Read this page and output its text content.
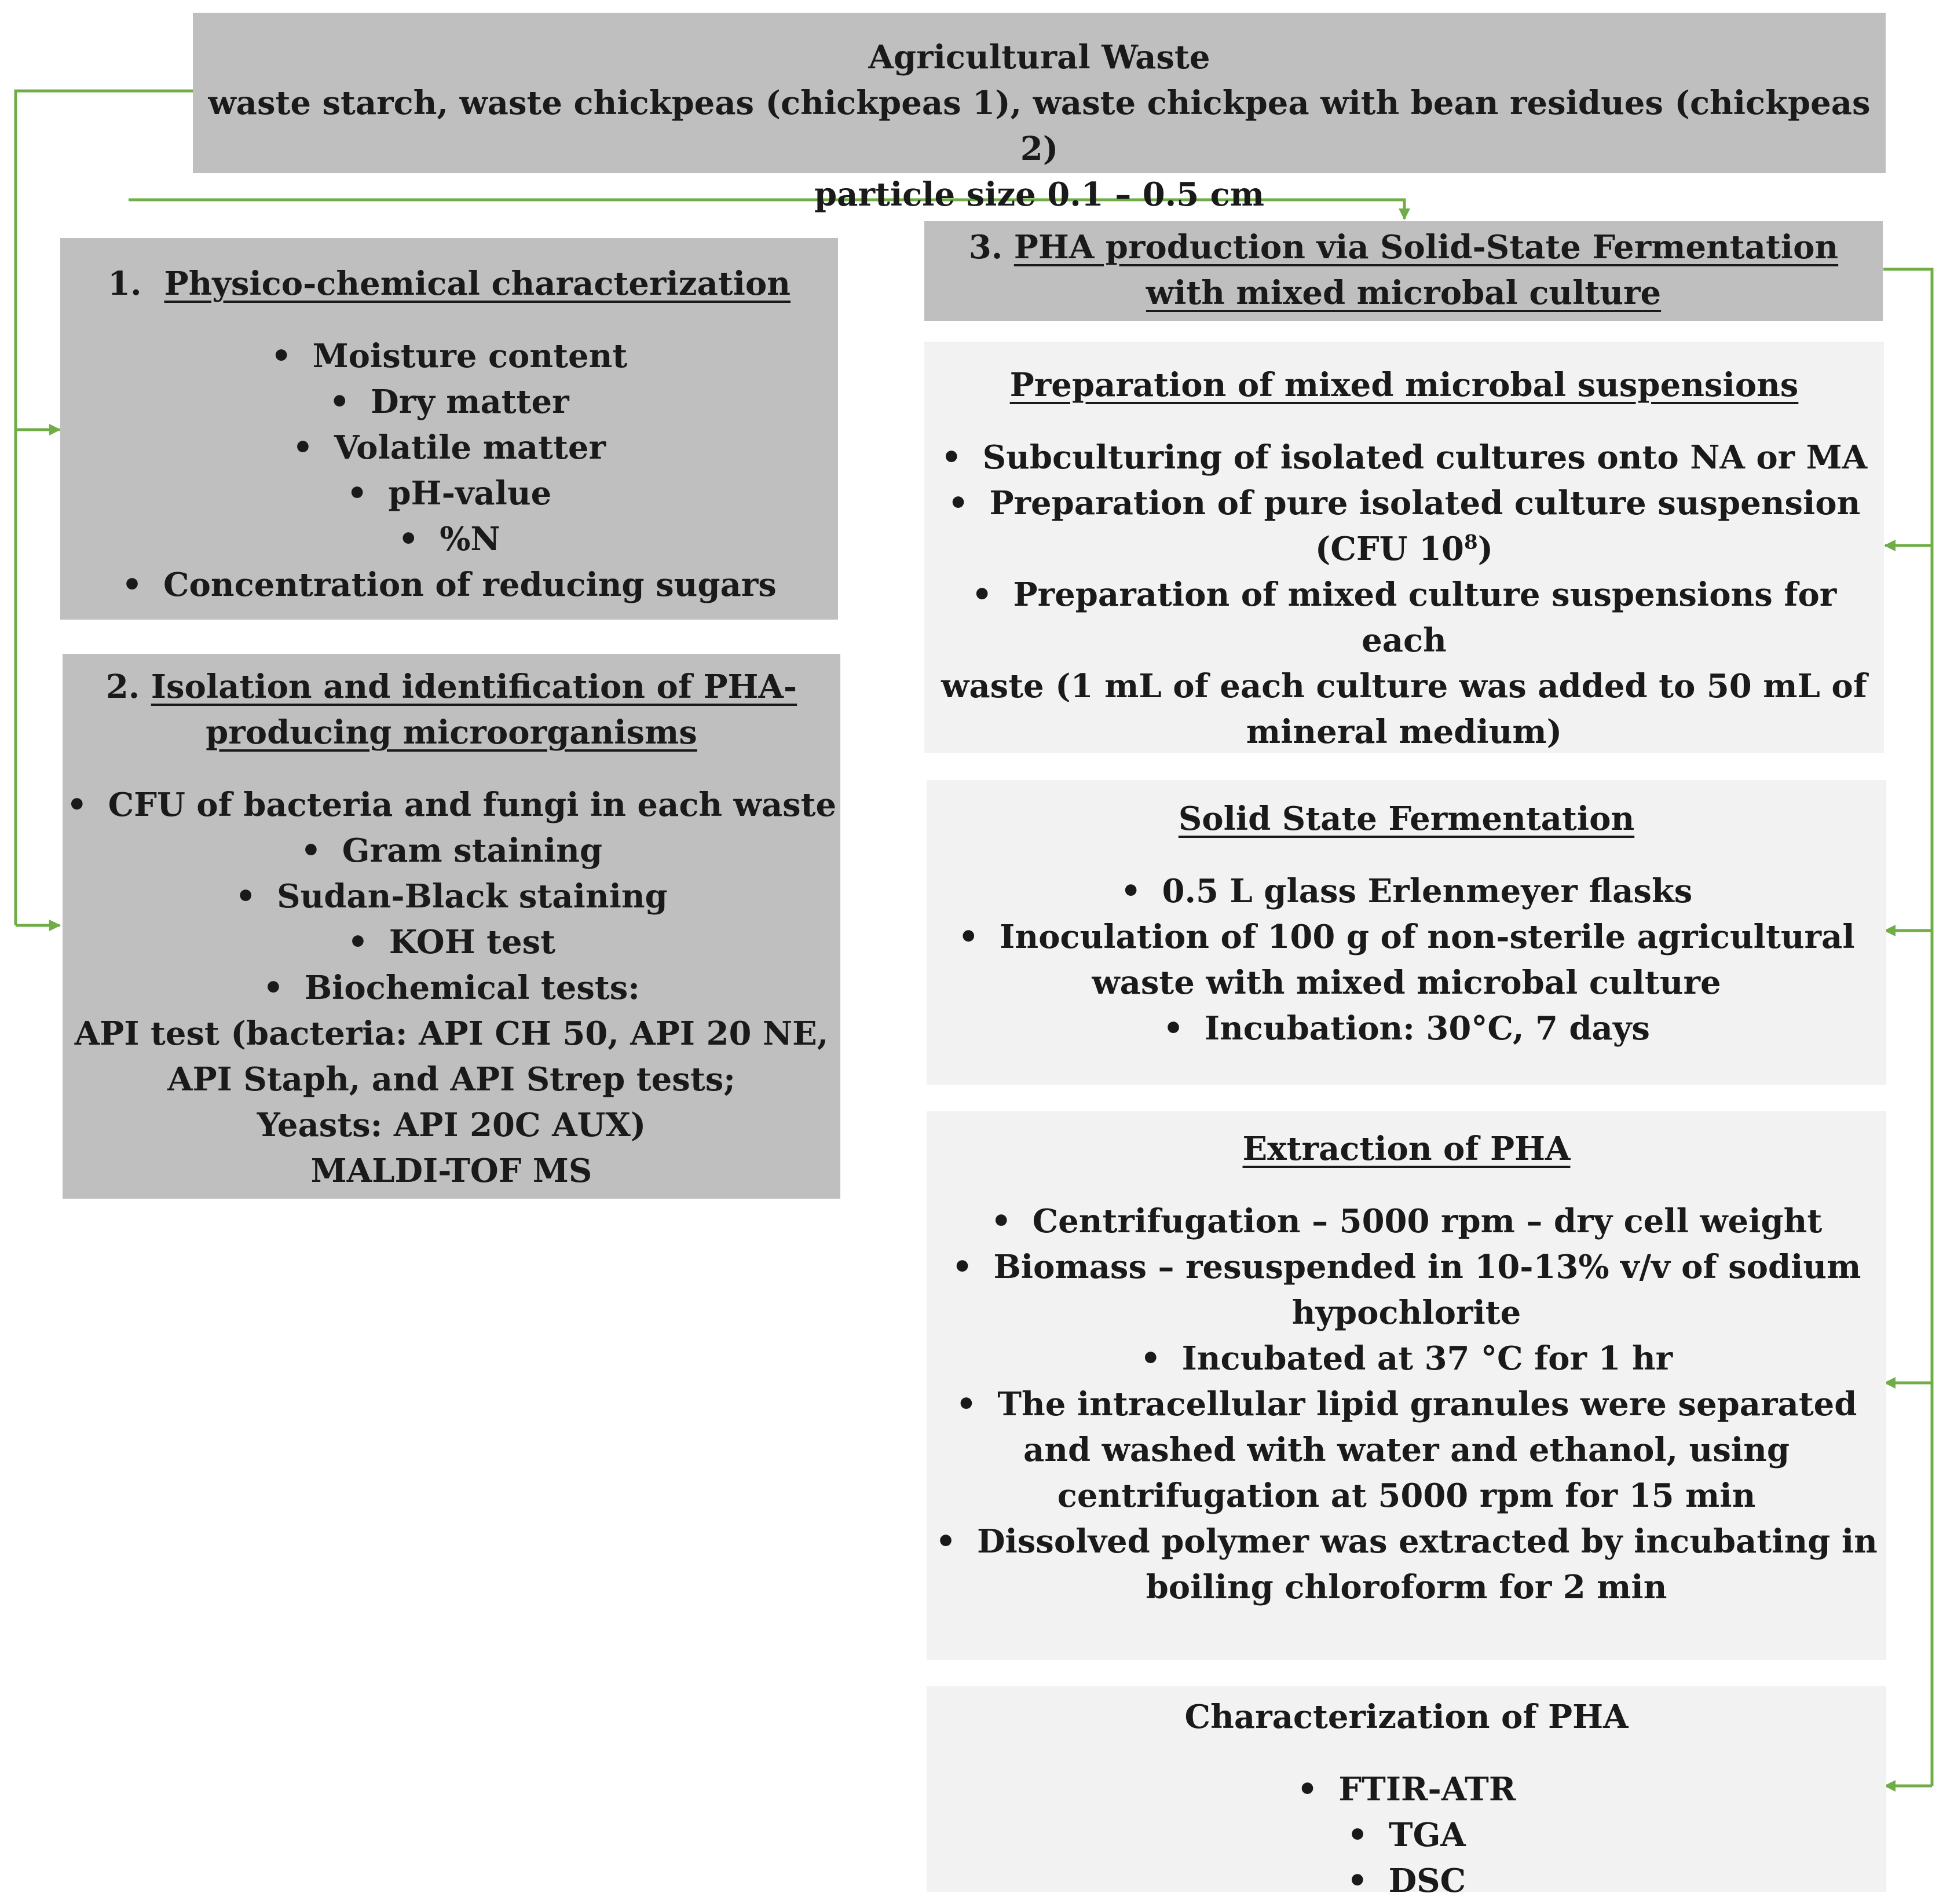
Agricultural Waste
waste starch, waste chickpeas (chickpeas 1), waste chickpea with bean residues (chickpeas 2)
particle size 0.1 – 0.5 cm
1. Physico-chemical characterization
• Moisture content
• Dry matter
• Volatile matter
• pH-value
• %N
• Concentration of reducing sugars
2. Isolation and identification of PHA-
producing microorganisms
• CFU of bacteria and fungi in each waste
• Gram staining
• Sudan-Black staining
• KOH test
• Biochemical tests:
API test (bacteria: API CH 50, API 20 NE,
API Staph, and API Strep tests;
Yeasts: API 20C AUX)
MALDI-TOF MS
3. PHA production via Solid-State Fermentation
with mixed microbal culture
Preparation of mixed microbal suspensions
• Subculturing of isolated cultures onto NA or MA
• Preparation of pure isolated culture suspension
(CFU $10^8$)
• Preparation of mixed culture suspensions for each
waste (1 mL of each culture was added to 50 mL of
mineral medium)
Solid State Fermentation
• 0.5 L glass Erlenmeyer flasks
• Inoculation of 100 g of non-sterile agricultural
waste with mixed microbal culture
• Incubation: 30°C, 7 days
Extraction of PHA
• Centrifugation – 5000 rpm – dry cell weight
• Biomass – resuspended in 10-13% v/v of sodium
hypochlorite
• Incubated at 37 °C for 1 hr
• The intracellular lipid granules were separated
and washed with water and ethanol, using
centrifugation at 5000 rpm for 15 min
• Dissolved polymer was extracted by incubating in
boiling chloroform for 2 min
Characterization of PHA
• FTIR-ATR
• TGA
• DSC
